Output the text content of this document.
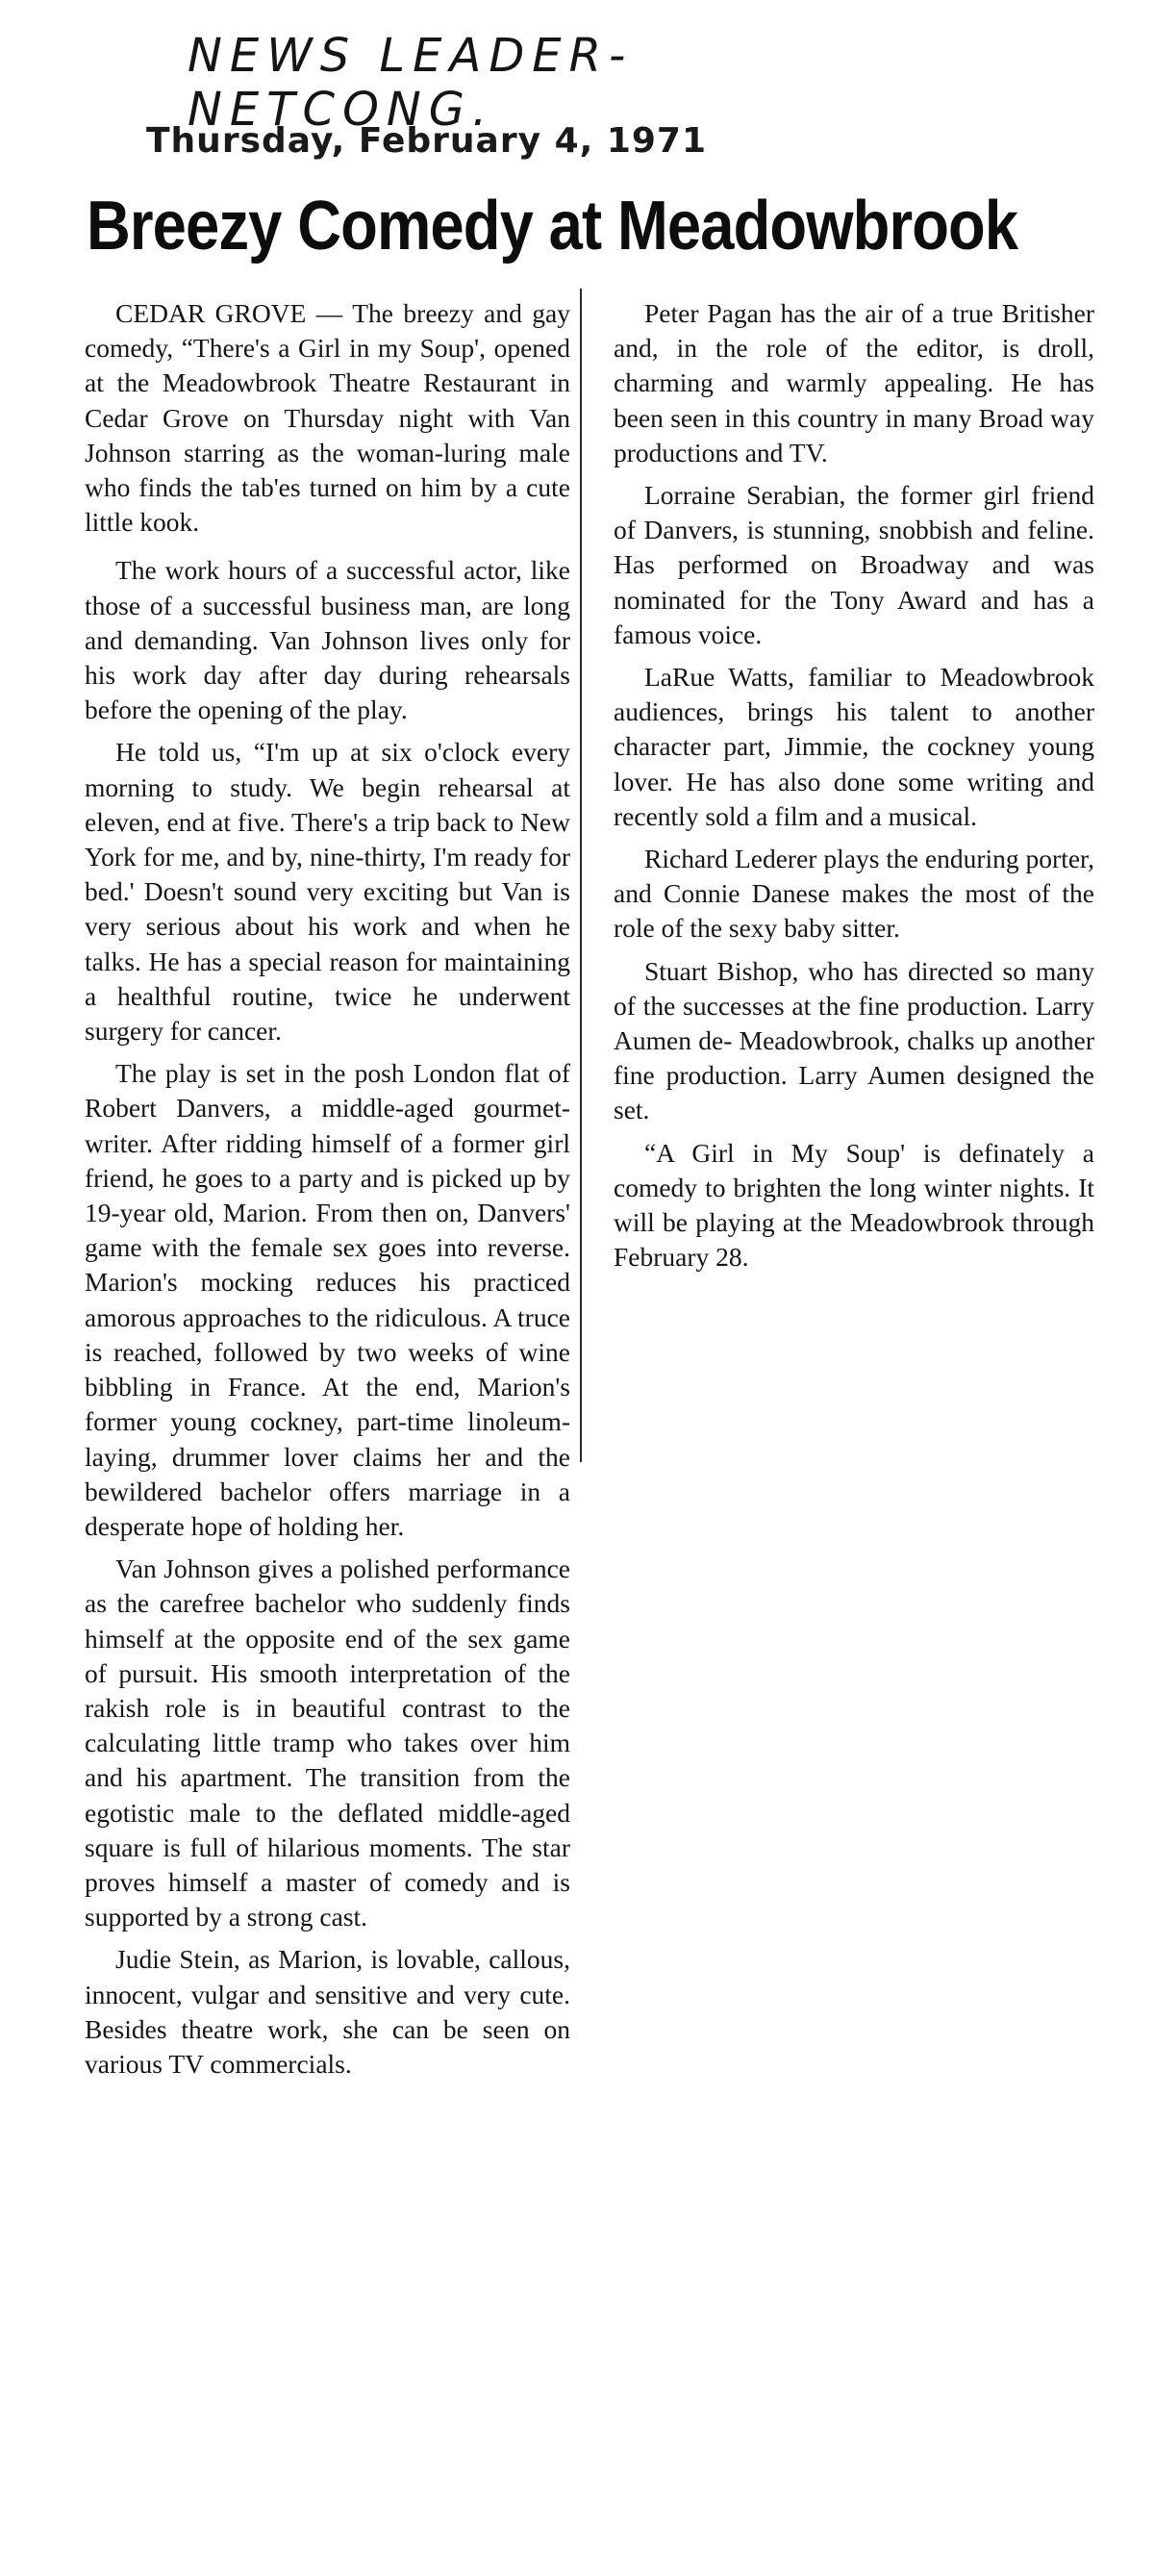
NEWS LEADER- NETCONG.
Thursday, February 4, 1971
Breezy Comedy at Meadowbrook

CEDAR GROVE — The breezy and gay comedy, “There's a Girl in my Soup', opened at the Meadowbrook Theatre Restaurant in Cedar Grove on Thursday night with Van Johnson starring as the woman-luring male who finds the tab'es turned on him by a cute little kook.

The work hours of a successful actor, like those of a successful business man, are long and demanding. Van Johnson lives only for his work day after day during rehearsals before the opening of the play.

He told us, “I'm up at six o'clock every morning to study. We begin rehearsal at eleven, end at five. There's a trip back to New York for me, and by, nine-thirty, I'm ready for bed.' Doesn't sound very exciting but Van is very serious about his work and when he talks. He has a special reason for maintaining a healthful routine, twice he underwent surgery for cancer.

The play is set in the posh London flat of Robert Danvers, a middle-aged gourmet-writer. After ridding himself of a former girl friend, he goes to a party and is picked up by 19-year old, Marion. From then on, Danvers' game with the female sex goes into reverse. Marion's mocking reduces his practiced amorous approaches to the ridiculous. A truce is reached, followed by two weeks of wine bibbling in France. At the end, Marion's former young cockney, part-time linoleum-laying, drummer lover claims her and the bewildered bachelor offers marriage in a desperate hope of holding her.

Van Johnson gives a polished performance as the carefree bachelor who suddenly finds himself at the opposite end of the sex game of pursuit. His smooth interpretation of the rakish role is in beautiful contrast to the calculating little tramp who takes over him and his apartment. The transition from the egotistic male to the deflated middle-aged square is full of hilarious moments. The star proves himself a master of comedy and is supported by a strong cast.

Judie Stein, as Marion, is lovable, callous, innocent, vulgar and sensitive and very cute. Besides theatre work, she can be seen on various TV commercials.

Peter Pagan has the air of a true Britisher and, in the role of the editor, is droll, charming and warmly appealing. He has been seen in this country in many Broad way productions and TV.

Lorraine Serabian, the former girl friend of Danvers, is stunning, snobbish and feline. Has performed on Broadway and was nominated for the Tony Award and has a famous voice.

LaRue Watts, familiar to Meadowbrook audiences, brings his talent to another character part, Jimmie, the cockney young lover. He has also done some writing and recently sold a film and a musical.

Richard Lederer plays the enduring porter, and Connie Danese makes the most of the role of the sexy baby sitter.

Stuart Bishop, who has directed so many of the successes at the fine production. Larry Aumen de- Meadowbrook, chalks up another fine production. Larry Aumen designed the set.

“A Girl in My Soup' is definately a comedy to brighten the long winter nights. It will be playing at the Meadowbrook through February 28.
